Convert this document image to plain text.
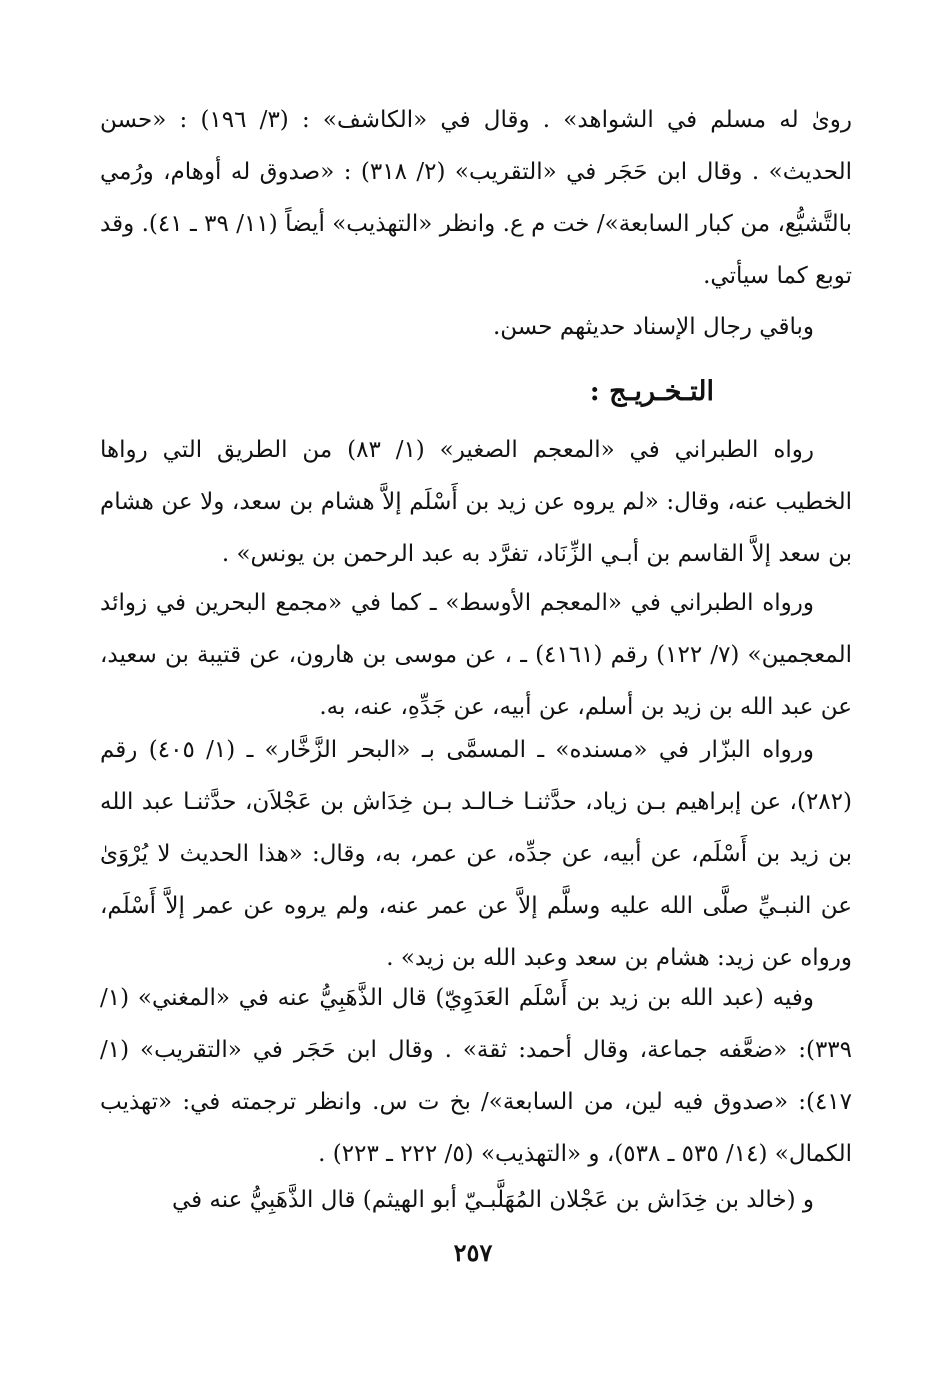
رویٰ له مسلم في الشواهد» . وقال في «الكاشف» : (٣/ ١٩٦) : «حسن الحديث» . وقال ابن حَجَر في «التقريب» (٢/ ٣١٨) : «صدوق له أوهام، ورُمي بالتَّشيُّع، من كبار السابعة»/ خت م ع. وانظر «التهذيب» أيضاً (١١/ ٣٩ ـ ٤١). وقد توبع كما سيأتي.

وباقي رجال الإسناد حديثهم حسن.

التـخـريـج :

رواه الطبراني في «المعجم الصغير» (١/ ٨٣) من الطريق التي رواها الخطيب عنه، وقال: «لم يروه عن زيد بن أَسْلَم إلاَّ هشام بن سعد، ولا عن هشام بن سعد إلاَّ القاسم بن أبـي الزِّنَاد، تفرَّد به عبد الرحمن بن يونس» .

ورواه الطبراني في «المعجم الأوسط» ـ كما في «مجمع البحرين في زوائد المعجمين» (٧/ ١٢٢) رقم (٤١٦١) ـ ، عن موسى بن هارون، عن قتيبة بن سعيد، عن عبد الله بن زيد بن أسلم، عن أبيه، عن جَدِّهِ، عنه، به.

ورواه البزّار في «مسنده» ـ المسمَّى بـ «البحر الزَّخَّار» ـ (١/ ٤٠٥) رقم (٢٨٢)، عن إبراهيم بـن زياد، حدَّثنـا خـالـد بـن خِدَاش بن عَجْلاَن، حدَّثنـا عبد الله بن زيد بن أَسْلَم، عن أبيه، عن جدِّه، عن عمر، به، وقال: «هذا الحديث لا يُرْوَىٰ عن النبـيِّ صلَّى الله عليه وسلَّم إلاَّ عن عمر عنه، ولم يروه عن عمر إلاَّ أَسْلَم، ورواه عن زيد: هشام بن سعد وعبد الله بن زيد» .

وفيه (عبد الله بن زيد بن أَسْلَم العَدَوِيّ) قال الذَّهَبِيُّ عنه في «المغني» (١/ ٣٣٩): «ضعَّفه جماعة، وقال أحمد: ثقة» . وقال ابن حَجَر في «التقريب» (١/ ٤١٧): «صدوق فيه لين، من السابعة»/ بخ ت س. وانظر ترجمته في: «تهذيب الكمال» (١٤/ ٥٣٥ ـ ٥٣٨)، و «التهذيب» (٥/ ٢٢٢ ـ ٢٢٣) .

و (خالد بن خِدَاش بن عَجْلان المُهَلَّبـيّ أبو الهيثم) قال الذَّهَبِيُّ عنه في

٢٥٧
